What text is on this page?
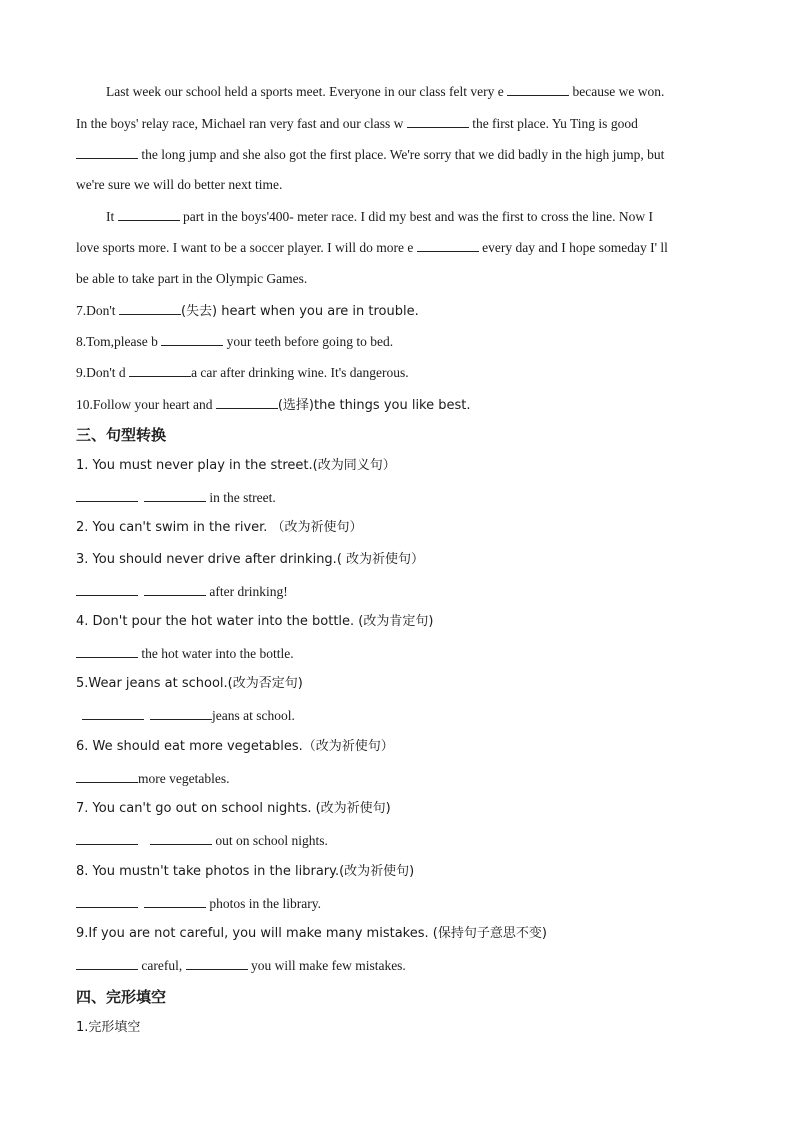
Last week our school held a sports meet. Everyone in our class felt very e	because we won.
In the boys' relay race, Michael ran very fast and our class w	the first place. Yu Ting is good
the long jump and she also got the first place. We're sorry that we did badly in the high jump, but
we're sure we will do better next time.
It	part in the boys'400- meter race. I did my best and was the first to cross the line. Now I
love sports more. I want to be a soccer player. I will do more e	every day and I hope someday I' ll
be able to take part in the Olympic Games.
7.Don't	(失去) heart when you are in trouble.
8.Tom,please b	your teeth before going to bed.
9.Don't d	a car after drinking wine. It's dangerous.
10.Follow your heart and	(选择)the things you like best.
三、句型转换
1. You must never play in the street.(改为同义句）
in the street.
2. You can't swim in the river. （改为祈使句）
3. You should never drive after drinking.( 改为祈使句）
after drinking!
4. Don't pour the hot water into the bottle. (改为肯定句)
the hot water into the bottle.
5.Wear jeans at school.(改为否定句)
jeans at school.
6. We should eat more vegetables.（改为祈使句）
more vegetables.
7. You can't go out on school nights. (改为祈使句)
out on school nights.
8. You mustn't take photos in the library.(改为祈使句)
photos in the library.
9.If you are not careful, you will make many mistakes. (保持句子意思不变)
careful,	you will make few mistakes.
四、完形填空
1.完形填空
